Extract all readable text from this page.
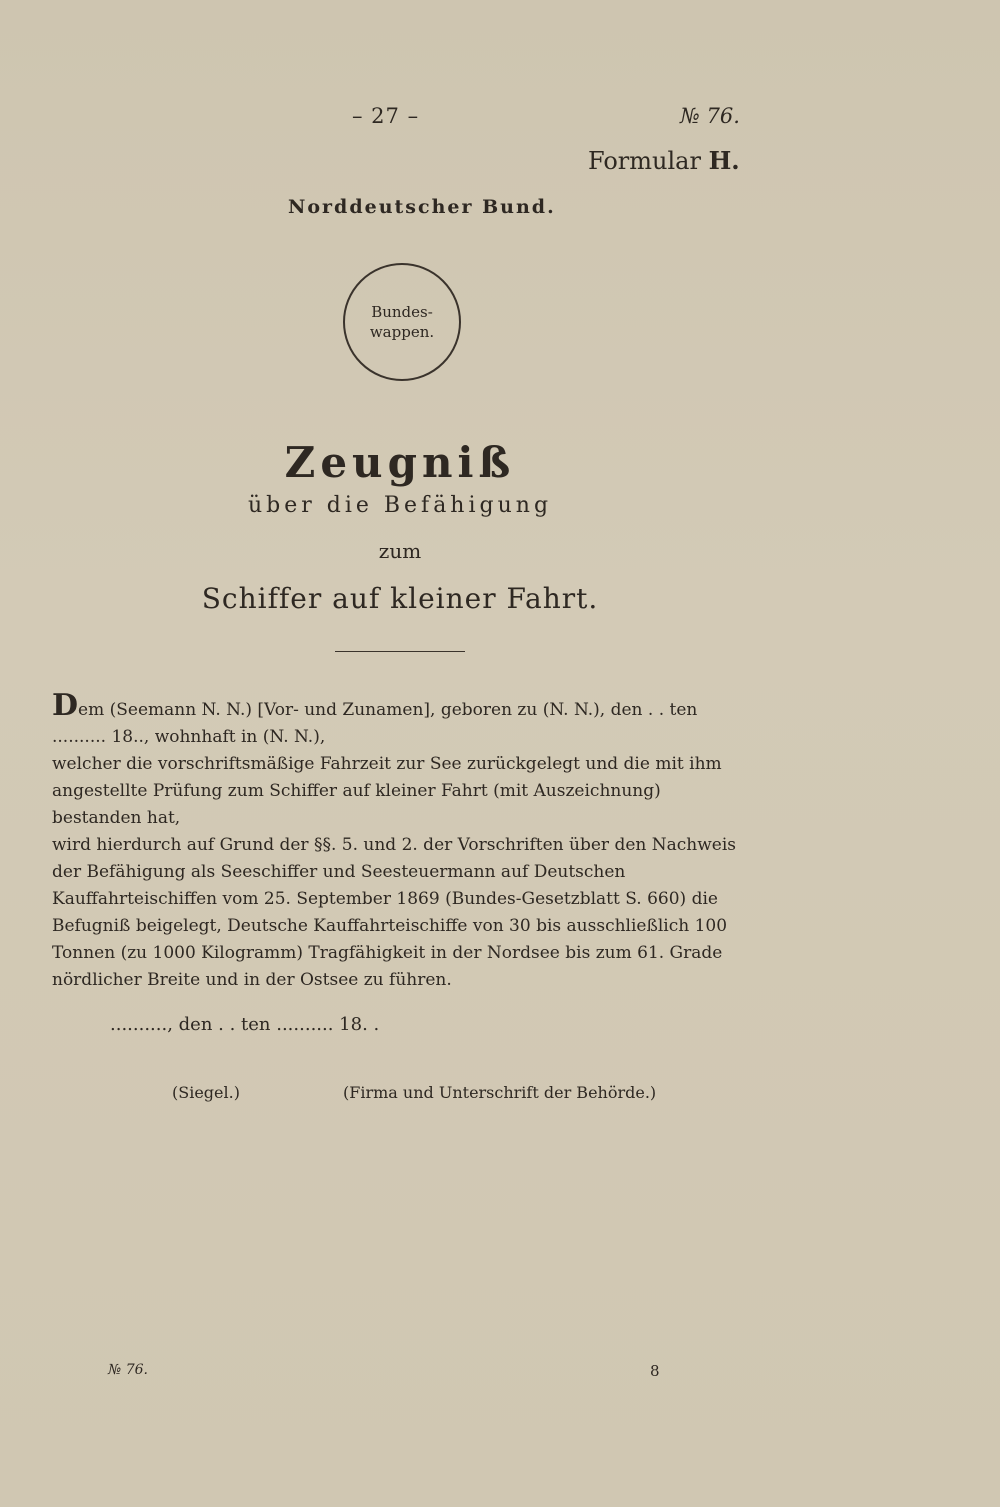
– 27 –	№ 76.
Formular H.
Norddeutscher Bund.
Bundes-
wappen.
Zeugniß
über die Befähigung
zum
Schiffer auf kleiner Fahrt.

Dem (Seemann N. N.) [Vor- und Zunamen], geboren zu (N. N.), den . . ten

.......... 18.., wohnhaft in (N. N.),

welcher die vorschriftsmäßige Fahrzeit zur See zurückgelegt und die mit ihm angestellte Prüfung zum Schiffer auf kleiner Fahrt (mit Auszeichnung) bestanden hat,

wird hierdurch auf Grund der §§. 5. und 2. der Vorschriften über den Nachweis der Befähigung als Seeschiffer und Seesteuermann auf Deutschen Kauffahrteischiffen vom 25. September 1869 (Bundes-Gesetzblatt S. 660) die Befugniß beigelegt, Deutsche Kauffahrteischiffe von 30 bis ausschließlich 100 Tonnen (zu 1000 Kilogramm) Tragfähigkeit in der Nordsee bis zum 61. Grade nördlicher Breite und in der Ostsee zu führen.

.........., den . . ten .......... 18. .
(Siegel.)	(Firma und Unterschrift der Behörde.)
№ 76.	8
